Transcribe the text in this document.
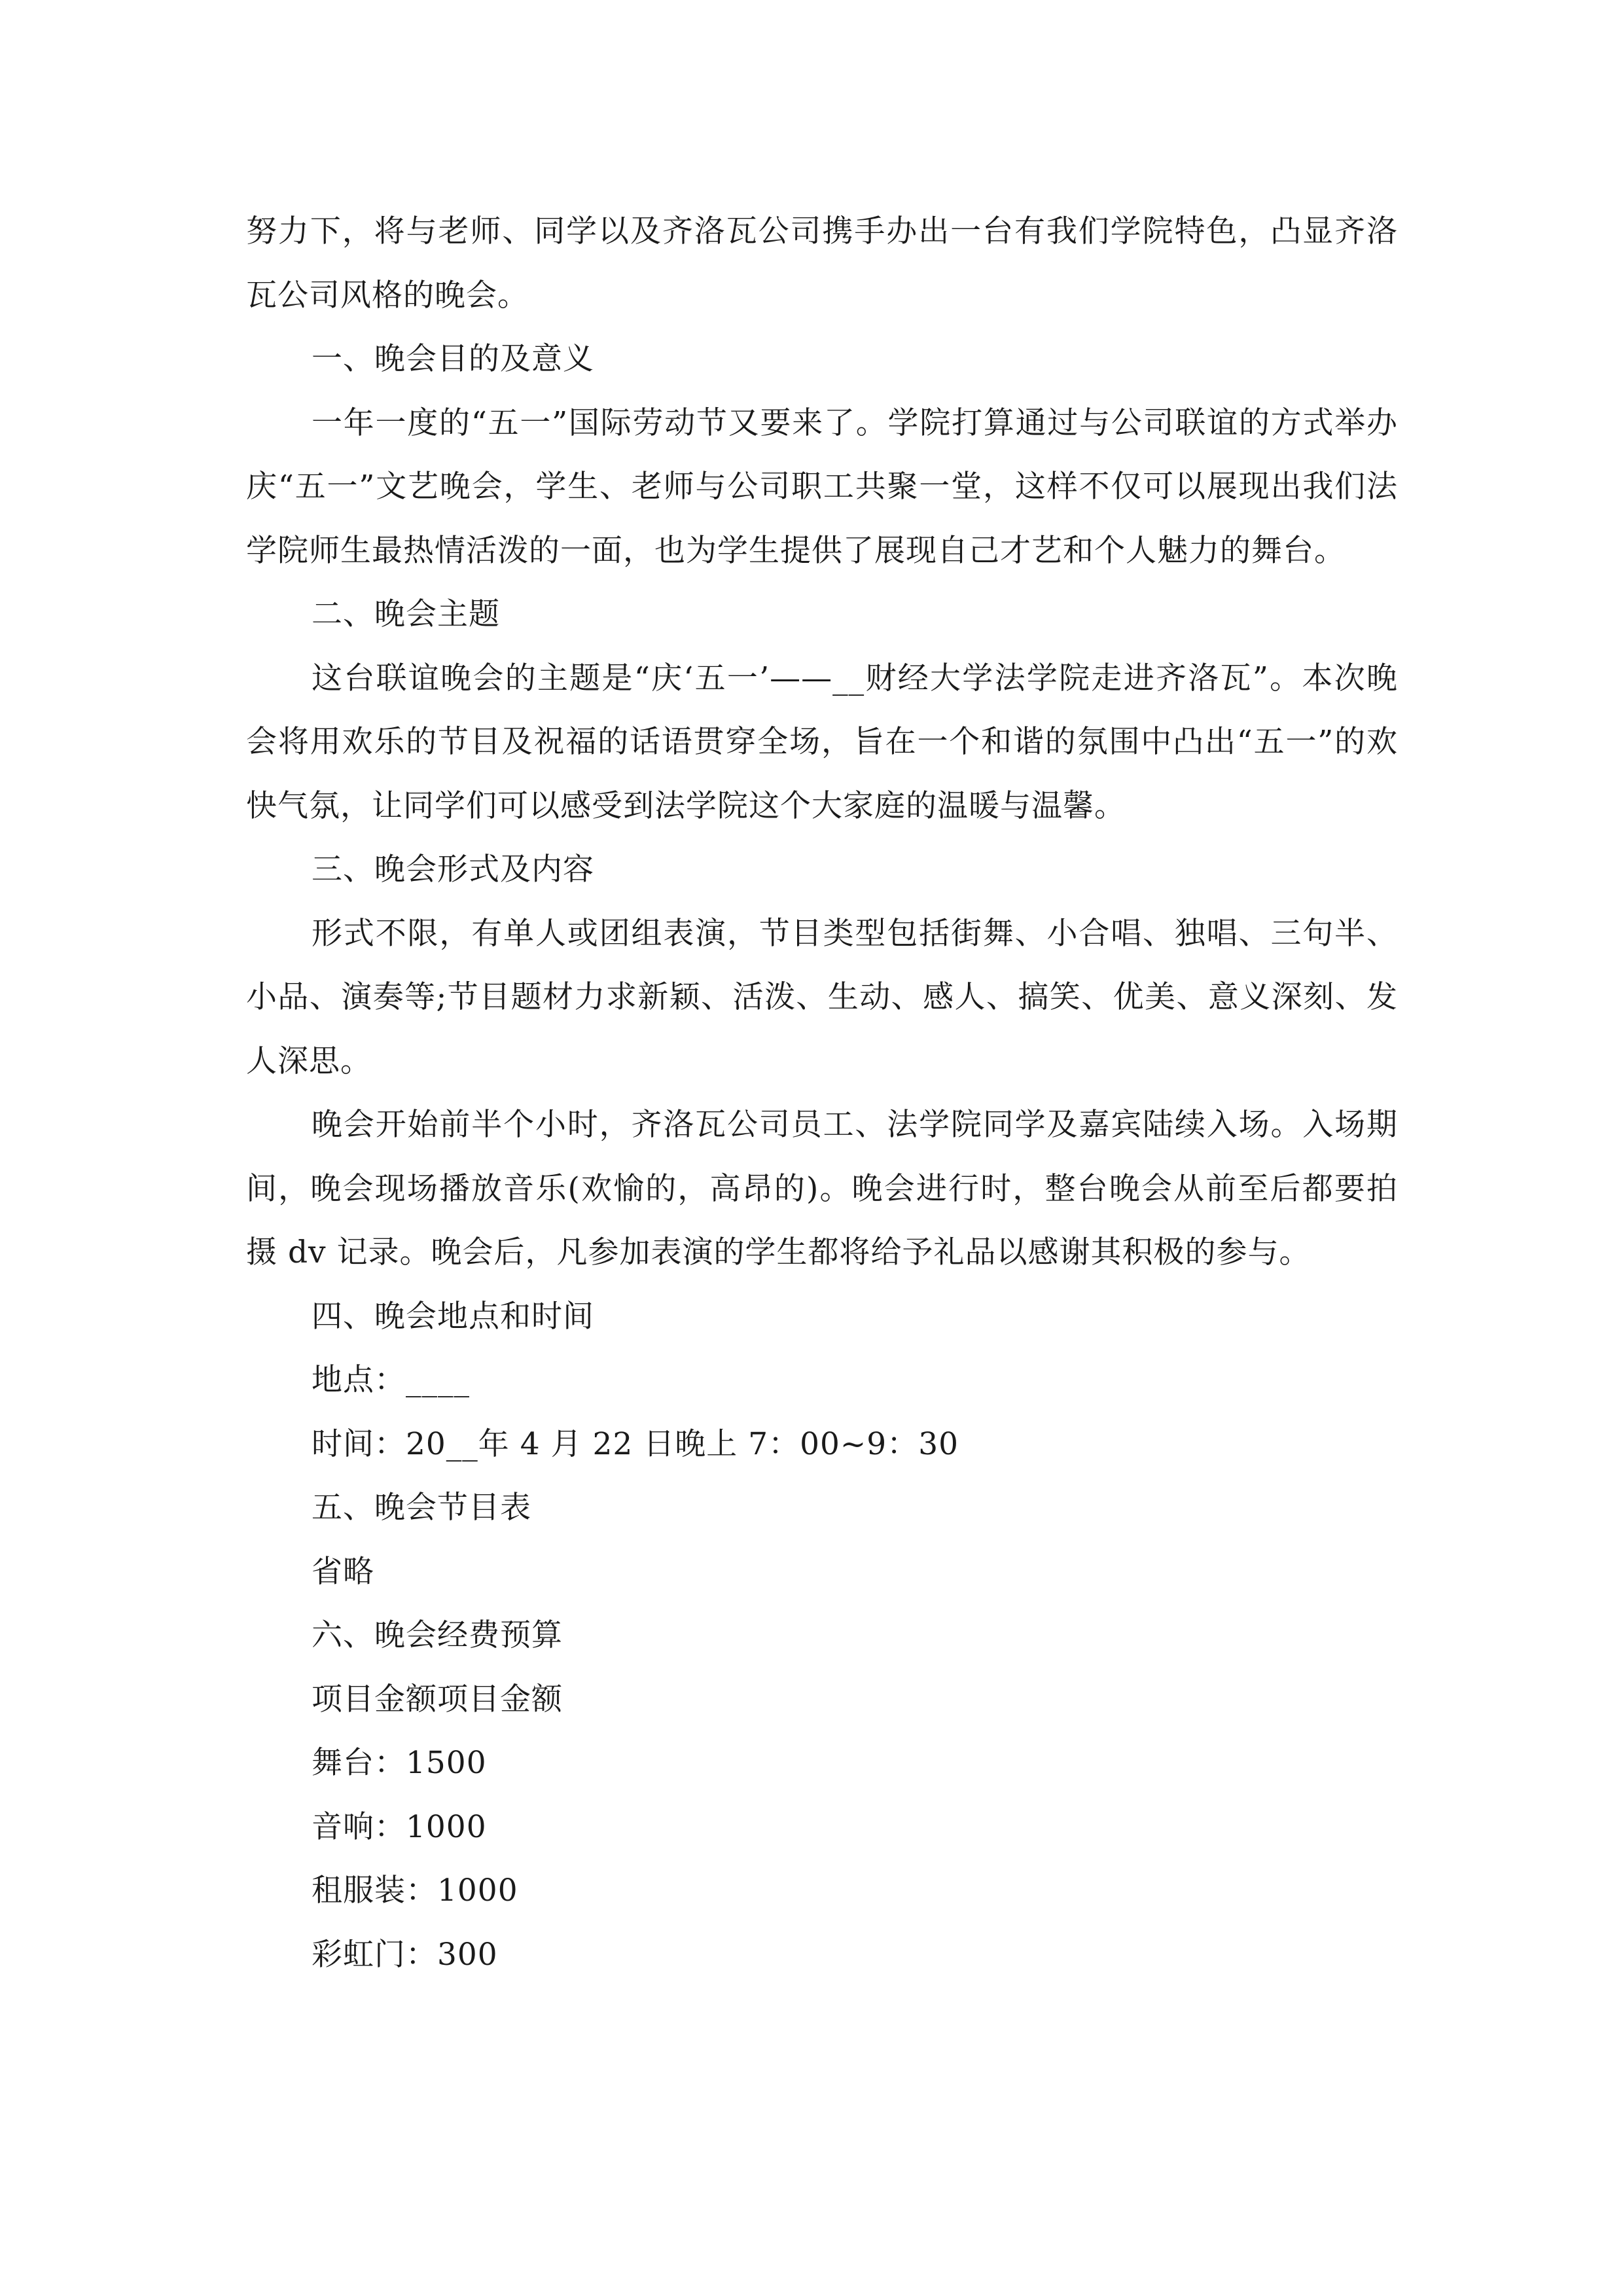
努力下，将与老师、同学以及齐洛瓦公司携手办出一台有我们学院特色，凸显齐洛瓦公司风格的晚会。

一、晚会目的及意义

一年一度的“五一”国际劳动节又要来了。学院打算通过与公司联谊的方式举办庆“五一”文艺晚会，学生、老师与公司职工共聚一堂，这样不仅可以展现出我们法学院师生最热情活泼的一面，也为学生提供了展现自己才艺和个人魅力的舞台。

二、晚会主题

这台联谊晚会的主题是“庆‘五一’——__财经大学法学院走进齐洛瓦”。本次晚会将用欢乐的节目及祝福的话语贯穿全场，旨在一个和谐的氛围中凸出“五一”的欢快气氛，让同学们可以感受到法学院这个大家庭的温暖与温馨。

三、晚会形式及内容

形式不限，有单人或团组表演，节目类型包括街舞、小合唱、独唱、三句半、小品、演奏等;节目题材力求新颖、活泼、生动、感人、搞笑、优美、意义深刻、发人深思。

晚会开始前半个小时，齐洛瓦公司员工、法学院同学及嘉宾陆续入场。入场期间，晚会现场播放音乐(欢愉的，高昂的)。晚会进行时，整台晚会从前至后都要拍摄 dv 记录。晚会后，凡参加表演的学生都将给予礼品以感谢其积极的参与。

四、晚会地点和时间

地点：____

时间：20__年 4 月 22 日晚上 7：00~9：30

五、晚会节目表

省略

六、晚会经费预算

项目金额项目金额

舞台：1500

音响：1000

租服装：1000

彩虹门：300
